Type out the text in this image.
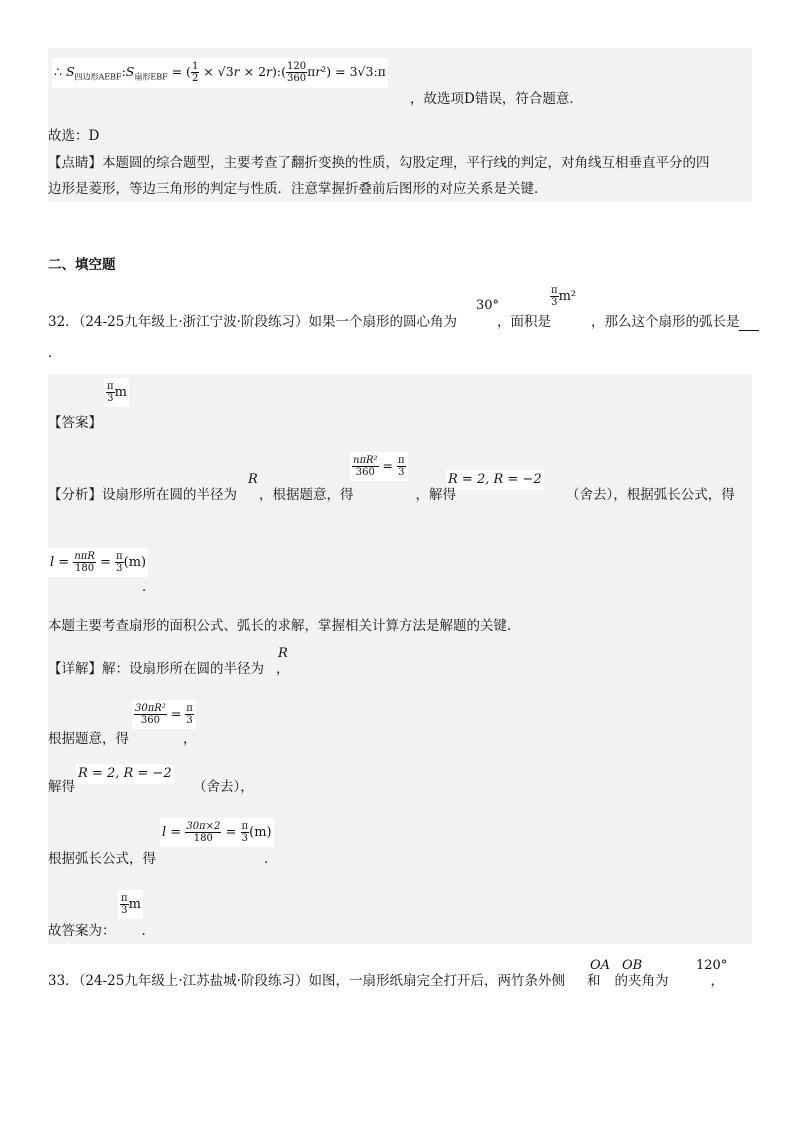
∴ $S_{四边形AEBF}:S_{扇形EBF}$ = ( $\frac{1}{2} \times √3r$ × 2r):( $\frac{120}{360} \pi r^2$) = 3√3:π
，故选项D错误，符合题意．
故选：D
【点睛】本题圆的综合题型，主要考查了翻折变换的性质，勾股定理，平行线的判定，对角线互相垂直平分的四
边形是菱形，等边三角形的判定与性质．注意掌握折叠前后图形的对应关系是关键．
二、填空题
$\frac{\pi}{3} m^2$
30°
32．（24-25九年级上·浙江宁波·阶段练习）如果一个扇形的圆心角为	，面积是	，那么这个扇形的弧长是
．
$\frac{\pi}{3}$ m
【答案】
$\frac{\text{nπR²}}{360} = \frac{\pi}{3}$
R	R = 2, R = −2
【分析】设扇形所在圆的半径为 ，根据题意，得	，解得	（舍去），根据弧长公式，得
$l = \frac{\text{nπR}}{180} = \frac{\pi}{3} (m)$
．
本题主要考查扇形的面积公式、弧长的求解，掌握相关计算方法是解题的关键．
R
【详解】解：设扇形所在圆的半径为 ，
$\frac{\text{30πR²}}{360} = \frac{\pi}{3}$
根据题意，得	，
R = 2, R = −2
解得	（舍去），
$l = \frac{30\pi\times 2}{180} = \frac{\pi}{3} (m)$
根据弧长公式，得	．
$\frac{\pi}{3}$ m
故答案为： ．
OA OB	120°
33．（24-25九年级上·江苏盐城·阶段练习）如图，一扇形纸扇完全打开后，两竹条外侧 和 的夹角为	，
